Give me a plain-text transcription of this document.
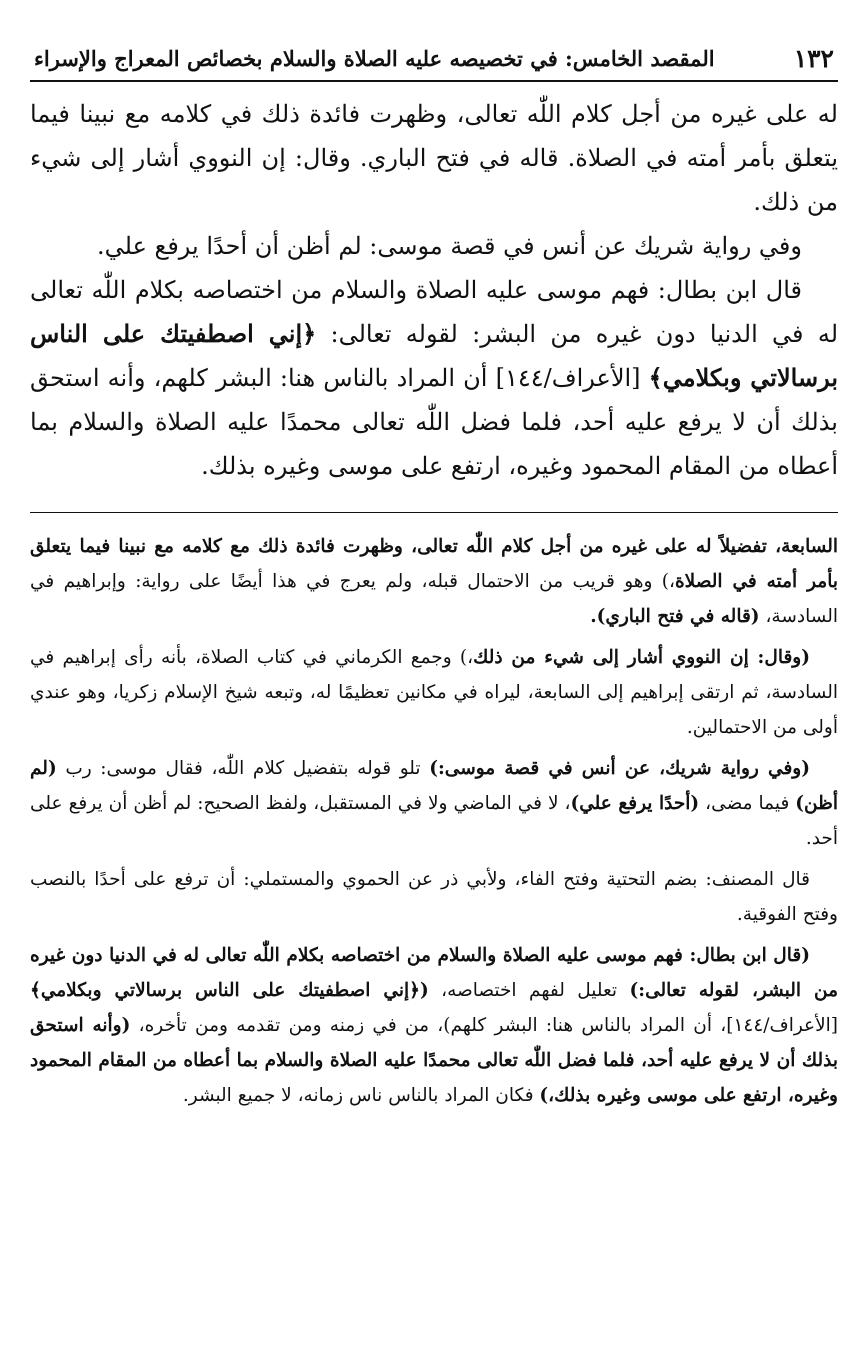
١٣٢
المقصد الخامس: في تخصيصه عليه الصلاة والسلام بخصائص المعراج والإسراء

له على غيره من أجل كلام اللّٰه تعالى، وظهرت فائدة ذلك في كلامه مع نبينا فيما يتعلق بأمر أمته في الصلاة. قاله في فتح الباري. وقال: إن النووي أشار إلى شيء من ذلك.

وفي رواية شريك عن أنس في قصة موسى: لم أظن أن أحدًا يرفع علي.

قال ابن بطال: فهم موسى عليه الصلاة والسلام من اختصاصه بكلام اللّٰه تعالى له في الدنيا دون غيره من البشر: لقوله تعالى: ﴿إني اصطفيتك على الناس برسالاتي وبكلامي﴾ [الأعراف/١٤٤] أن المراد بالناس هنا: البشر كلهم، وأنه استحق بذلك أن لا يرفع عليه أحد، فلما فضل اللّٰه تعالى محمدًا عليه الصلاة والسلام بما أعطاه من المقام المحمود وغيره، ارتفع على موسى وغيره بذلك.

السابعة، تفضيلاً له على غيره من أجل كلام اللّٰه تعالى، وظهرت فائدة ذلك مع كلامه مع نبينا فيما يتعلق بأمر أمته في الصلاة،) وهو قريب من الاحتمال قبله، ولم يعرج في هذا أيضًا على رواية: وإبراهيم في السادسة، (قاله في فتح الباري).

(وقال: إن النووي أشار إلى شيء من ذلك،) وجمع الكرماني في كتاب الصلاة، بأنه رأى إبراهيم في السادسة، ثم ارتقى إبراهيم إلى السابعة، ليراه في مكانين تعظيمًا له، وتبعه شيخ الإسلام زكريا، وهو عندي أولى من الاحتمالين.

(وفي رواية شريك، عن أنس في قصة موسى:) تلو قوله بتفضيل كلام اللّٰه، فقال موسى: رب (لم أظن) فيما مضى، (أحدًا يرفع علي)، لا في الماضي ولا في المستقبل، ولفظ الصحيح: لم أظن أن يرفع على أحد.

قال المصنف: بضم التحتية وفتح الفاء، ولأبي ذر عن الحموي والمستملي: أن ترفع على أحدًا بالنصب وفتح الفوقية.

(قال ابن بطال: فهم موسى عليه الصلاة والسلام من اختصاصه بكلام اللّٰه تعالى له في الدنيا دون غيره من البشر، لقوله تعالى:) تعليل لفهم اختصاصه، (﴿إني اصطفيتك على الناس برسالاتي وبكلامي﴾ [الأعراف/١٤٤]، أن المراد بالناس هنا: البشر كلهم)، من في زمنه ومن تقدمه ومن تأخره، (وأنه استحق بذلك أن لا يرفع عليه أحد، فلما فضل اللّٰه تعالى محمدًا عليه الصلاة والسلام بما أعطاه من المقام المحمود وغيره، ارتفع على موسى وغيره بذلك،) فكان المراد بالناس ناس زمانه، لا جميع البشر.
